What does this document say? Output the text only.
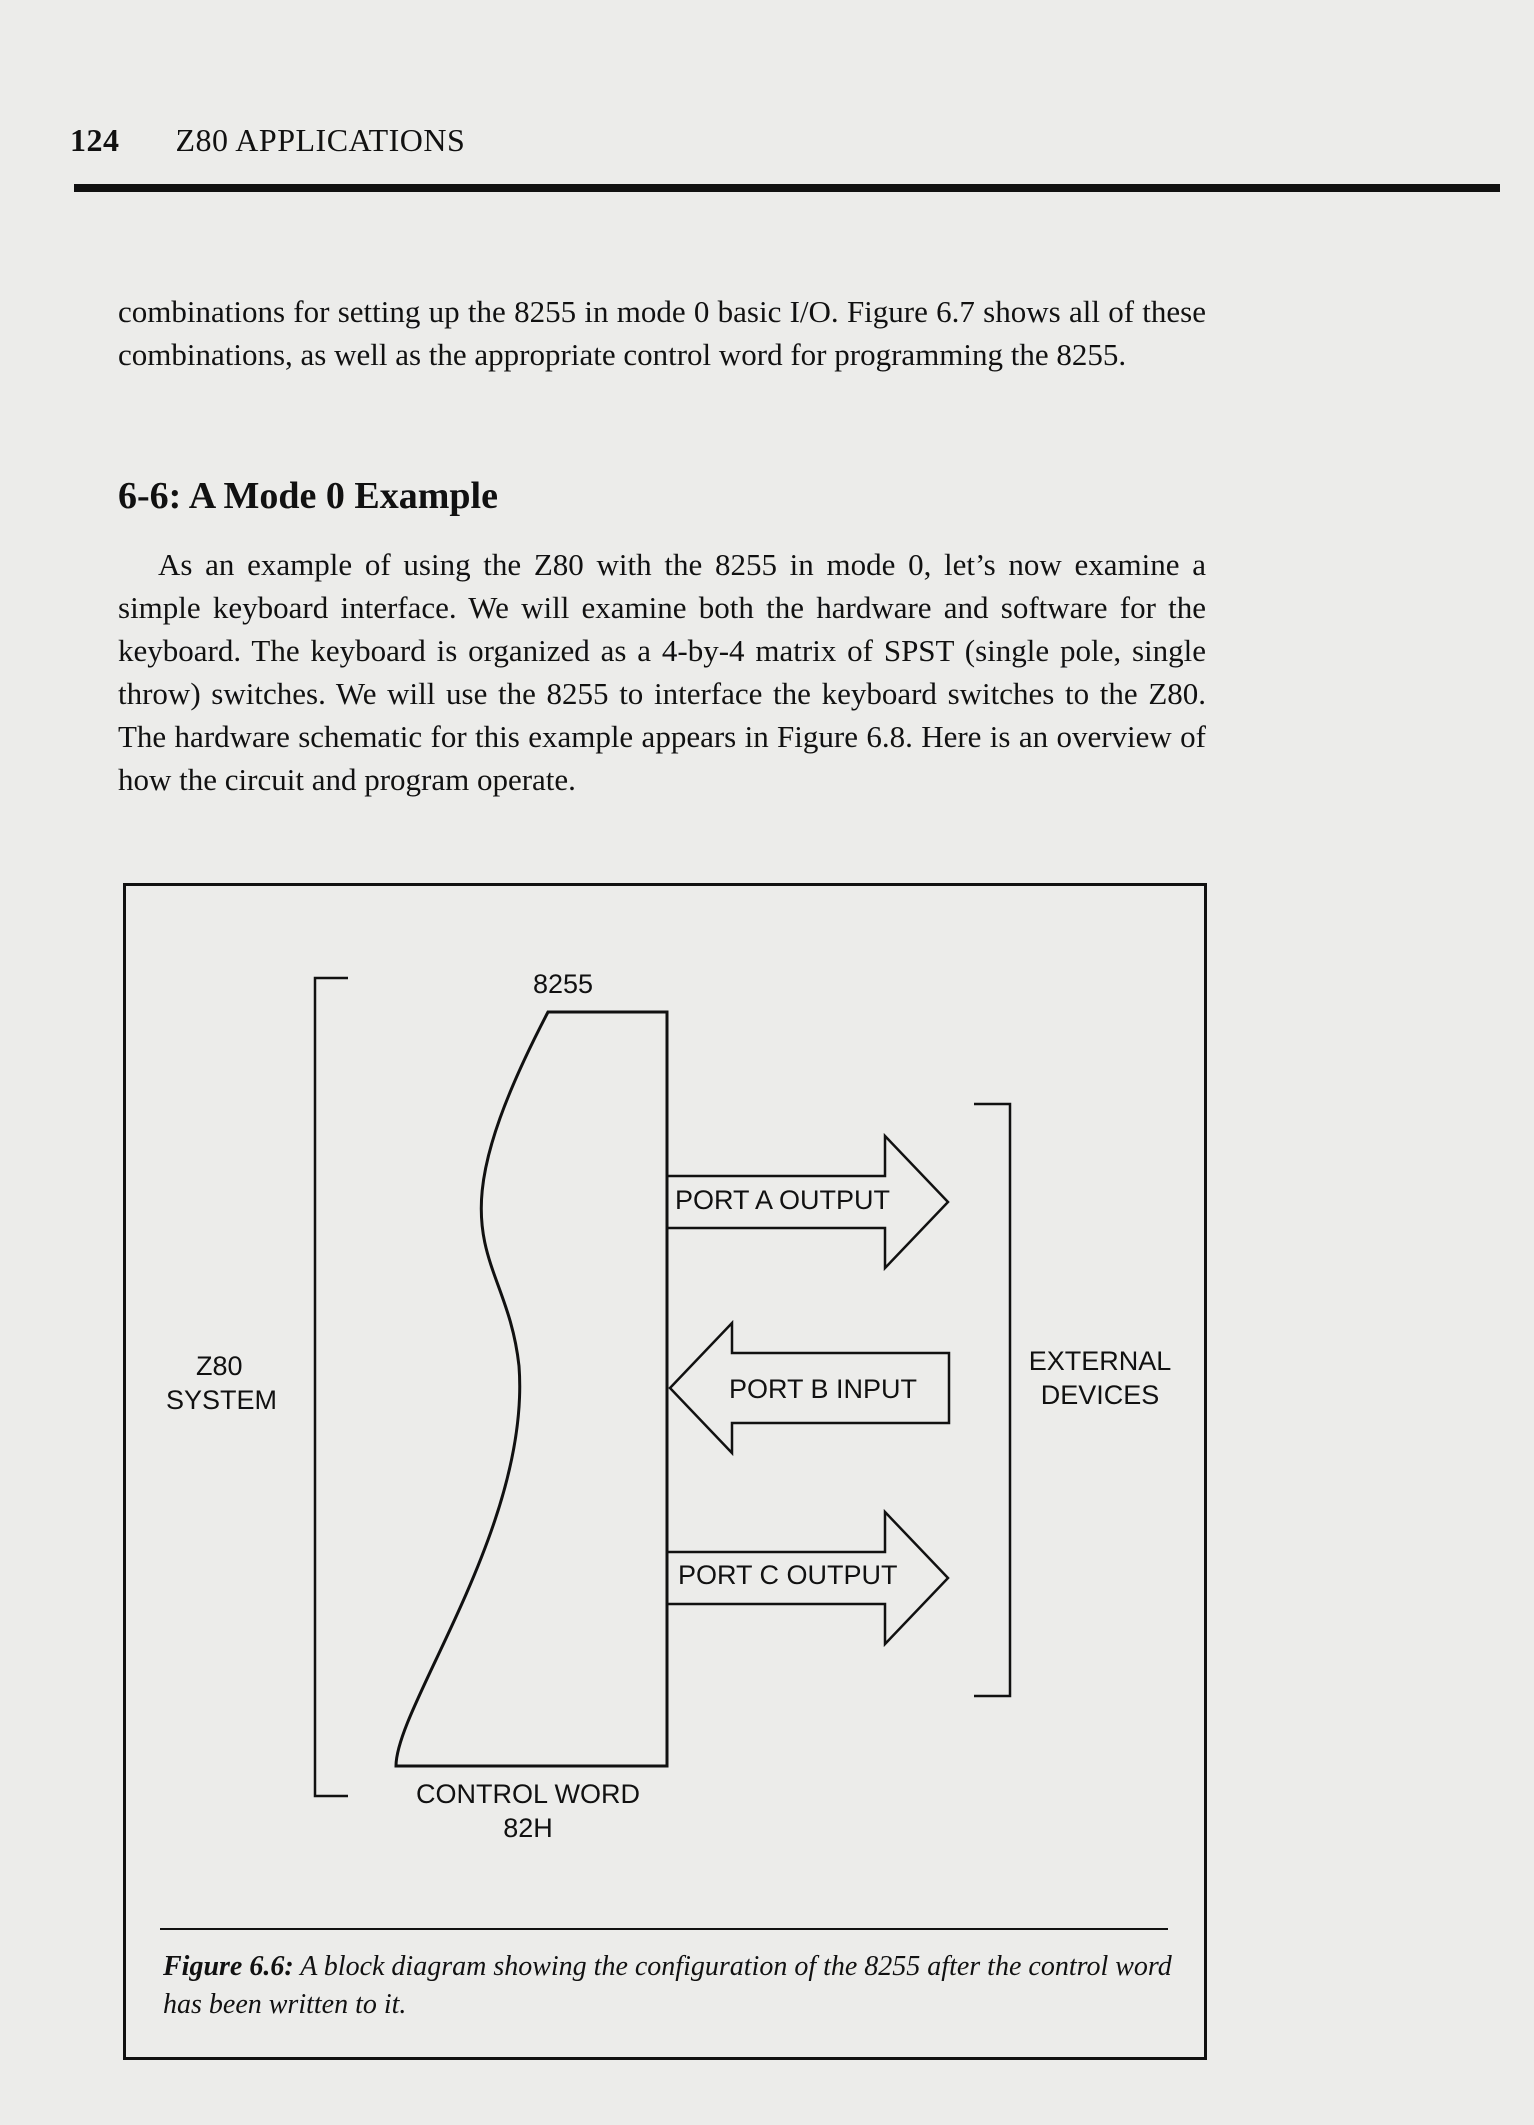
124 Z80 APPLICATIONS

combinations for setting up the 8255 in mode 0 basic I/O. Figure 6.7 shows all of these combinations, as well as the appropriate control word for programming the 8255.

6-6: A Mode 0 Example

As an example of using the Z80 with the 8255 in mode 0, let’s now examine a simple keyboard interface. We will examine both the hardware and software for the keyboard. The keyboard is organized as a 4-by-4 matrix of SPST (single pole, single throw) switches. We will use the 8255 to interface the keyboard switches to the Z80. The hardware schematic for this example appears in Figure 6.8. Here is an overview of how the circuit and program operate.

Z80
SYSTEM
8255
PORT A OUTPUT
PORT B INPUT
PORT C OUTPUT
EXTERNAL
DEVICES
CONTROL WORD
82H

Figure 6.6: A block diagram showing the configuration of the 8255 after the control word has been written to it.
